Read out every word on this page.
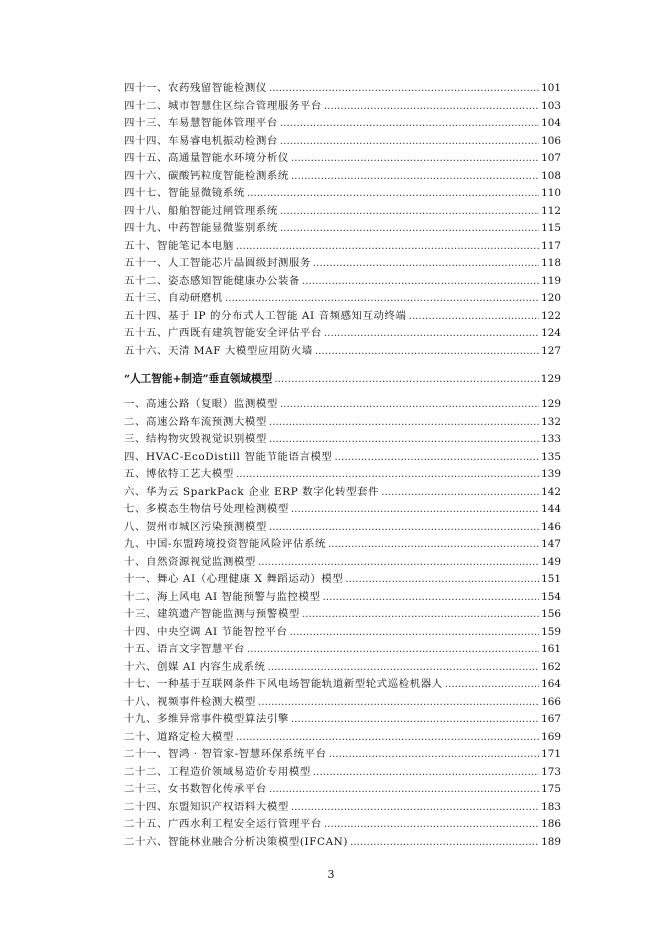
四十一、农药残留智能检测仪 .....	101
四十二、城市智慧住区综合管理服务平台 .....	103
四十三、车易慧智能体管理平台 .....	104
四十四、车易睿电机振动检测台 .....	106
四十五、高通量智能水环境分析仪 .....	107
四十六、碳酸钙粒度智能检测系统 .....	108
四十七、智能显微镜系统 .....	110
四十八、船舶智能过闸管理系统 .....	112
四十九、中药智能显微鉴别系统 .....	115
五十、智能笔记本电脑 .....	117
五十一、人工智能芯片晶圆级封测服务 .....	118
五十二、姿态感知智能健康办公装备 .....	119
五十三、自动研磨机 .....	120
五十四、基于 IP 的分布式人工智能 AI 音频感知互动终端 .....	122
五十五、广西既有建筑智能安全评估平台 .....	124
五十六、天清 MAF 大模型应用防火墙 .....	127
“人工智能+制造”垂直领域模型 .....	129
一、高速公路（复眼）监测模型 .....	129
二、高速公路车流预测大模型 .....	132
三、结构物灾毁视觉识别模型 .....	133
四、HVAC-EcoDistill 智能节能语言模型 .....	135
五、博依特工艺大模型 .....	139
六、华为云 SparkPack 企业 ERP 数字化转型套件 .....	142
七、多模态生物信号处理检测模型 .....	144
八、贺州市城区污染预测模型 .....	146
九、中国-东盟跨境投资智能风险评估系统 .....	147
十、自然资源视觉监测模型 .....	149
十一、舞心 AI（心理健康 X 舞蹈运动）模型 .....	151
十二、海上风电 AI 智能预警与监控模型 .....	154
十三、建筑遗产智能监测与预警模型 .....	156
十四、中央空调 AI 节能智控平台 .....	159
十五、语言文字智慧平台 .....	161
十六、创媒 AI 内容生成系统 .....	162
十七、一种基于互联网条件下风电场智能轨道新型轮式巡检机器人 .....	164
十八、视频事件检测大模型 .....	166
十九、多维异常事件模型算法引擎 .....	167
二十、道路定检大模型 .....	169
二十一、智鸿 · 智管家-智慧环保系统平台 .....	171
二十二、工程造价领域易造价专用模型 .....	173
二十三、女书数智化传承平台 .....	175
二十四、东盟知识产权语料大模型 .....	183
二十五、广西水利工程安全运行管理平台 .....	186
二十六、智能林业融合分析决策模型(IFCAN) .....	189
3
